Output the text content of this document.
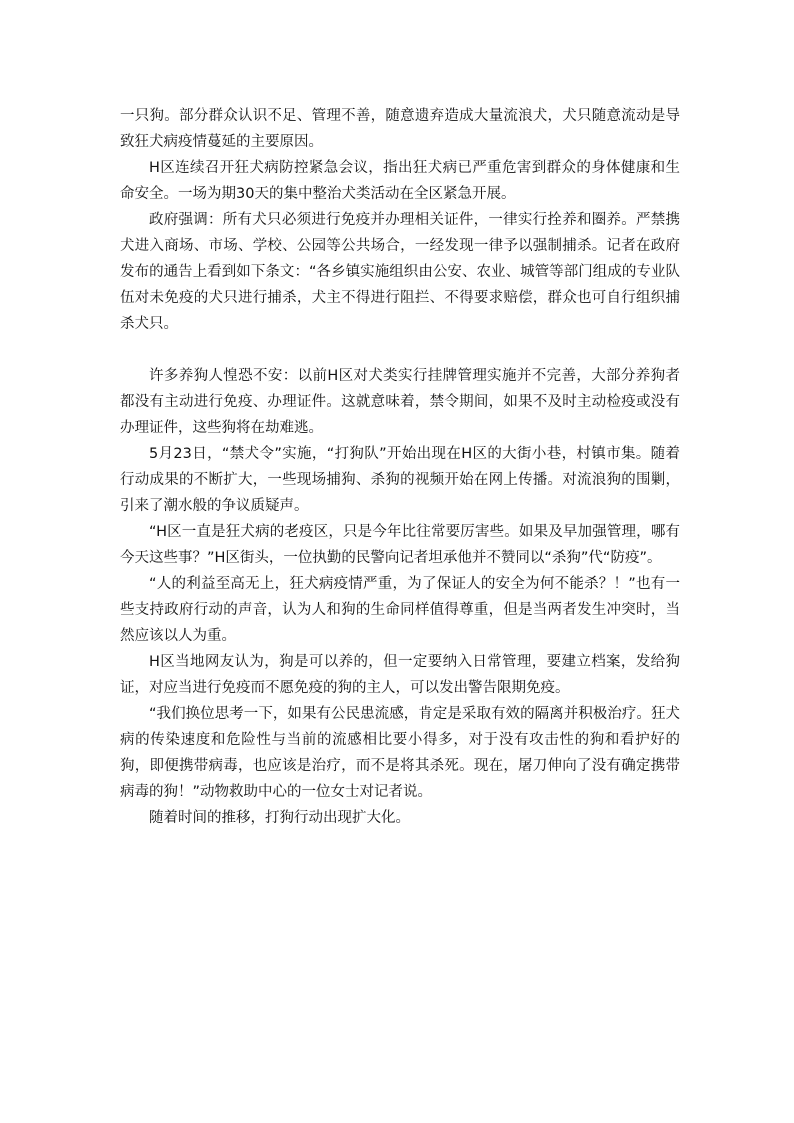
一只狗。部分群众认识不足、管理不善，随意遗弃造成大量流浪犬，犬只随意流动是导致狂犬病疫情蔓延的主要原因。

H区连续召开狂犬病防控紧急会议，指出狂犬病已严重危害到群众的身体健康和生命安全。一场为期30天的集中整治犬类活动在全区紧急开展。

政府强调：所有犬只必须进行免疫并办理相关证件，一律实行拴养和圈养。严禁携犬进入商场、市场、学校、公园等公共场合，一经发现一律予以强制捕杀。记者在政府发布的通告上看到如下条文：“各乡镇实施组织由公安、农业、城管等部门组成的专业队伍对未免疫的犬只进行捕杀，犬主不得进行阻拦、不得要求赔偿，群众也可自行组织捕杀犬只。

许多养狗人惶恐不安：以前H区对犬类实行挂牌管理实施并不完善，大部分养狗者都没有主动进行免疫、办理证件。这就意味着，禁令期间，如果不及时主动检疫或没有办理证件，这些狗将在劫难逃。

5月23日，“禁犬令”实施，“打狗队”开始出现在H区的大街小巷，村镇市集。随着行动成果的不断扩大，一些现场捕狗、杀狗的视频开始在网上传播。对流浪狗的围剿，引来了潮水般的争议质疑声。

“H区一直是狂犬病的老疫区，只是今年比往常要厉害些。如果及早加强管理，哪有今天这些事？”H区街头，一位执勤的民警向记者坦承他并不赞同以“杀狗”代“防疫”。

“人的利益至高无上，狂犬病疫情严重，为了保证人的安全为何不能杀？！”也有一些支持政府行动的声音，认为人和狗的生命同样值得尊重，但是当两者发生冲突时，当然应该以人为重。

H区当地网友认为，狗是可以养的，但一定要纳入日常管理，要建立档案，发给狗证，对应当进行免疫而不愿免疫的狗的主人，可以发出警告限期免疫。

“我们换位思考一下，如果有公民患流感，肯定是采取有效的隔离并积极治疗。狂犬病的传染速度和危险性与当前的流感相比要小得多，对于没有攻击性的狗和看护好的狗，即便携带病毒，也应该是治疗，而不是将其杀死。现在，屠刀伸向了没有确定携带病毒的狗！”动物救助中心的一位女士对记者说。

随着时间的推移，打狗行动出现扩大化。
